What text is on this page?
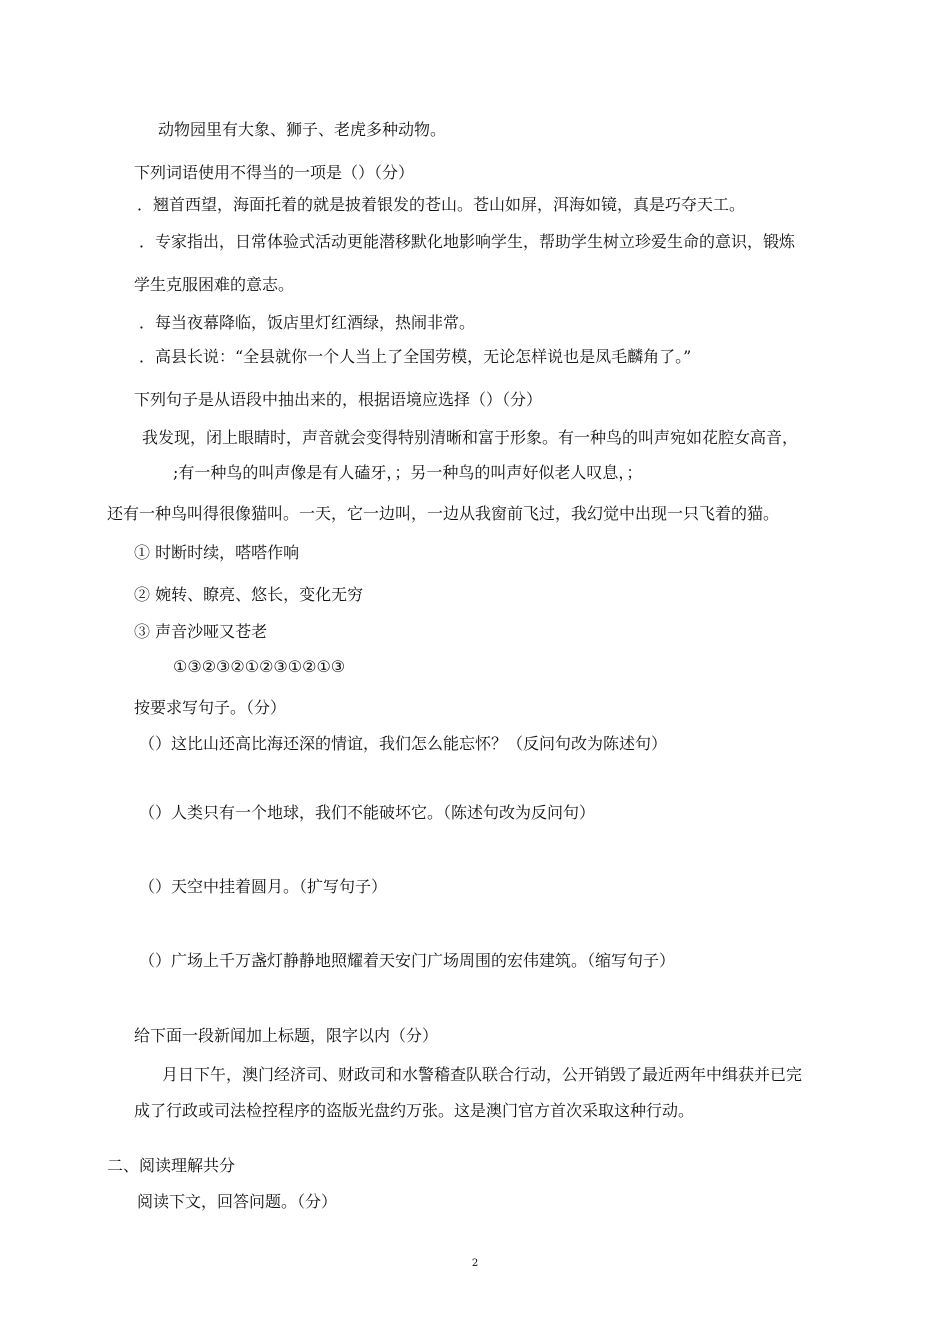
动物园里有大象、狮子、老虎多种动物。
下列词语使用不得当的一项是（）（分）
．翘首西望，海面托着的就是披着银发的苍山。苍山如屏，洱海如镜，真是巧夺天工。
．专家指出，日常体验式活动更能潜移默化地影响学生，帮助学生树立珍爱生命的意识，锻炼
学生克服困难的意志。
．每当夜幕降临，饭店里灯红酒绿，热闹非常。
．高县长说：“全县就你一个人当上了全国劳模，无论怎样说也是凤毛麟角了。”
下列句子是从语段中抽出来的，根据语境应选择（）（分）
我发现，闭上眼睛时，声音就会变得特别清晰和富于形象。有一种鸟的叫声宛如花腔女高音，
;有一种鸟的叫声像是有人磕牙，；另一种鸟的叫声好似老人叹息，；
还有一种鸟叫得很像猫叫。一天，它一边叫，一边从我窗前飞过，我幻觉中出现一只飞着的猫。
① 时断时续，嗒嗒作响
② 婉转、瞭亮、悠长，变化无穷
③ 声音沙哑又苍老
①③②③②①②③①②①③
按要求写句子。（分）
（）这比山还高比海还深的情谊，我们怎么能忘怀？（反问句改为陈述句）
（）人类只有一个地球，我们不能破坏它。（陈述句改为反问句）
（）天空中挂着圆月。（扩写句子）
（）广场上千万盏灯静静地照耀着天安门广场周围的宏伟建筑。（缩写句子）
给下面一段新闻加上标题，限字以内（分）
月日下午，澳门经济司、财政司和水警稽查队联合行动，公开销毁了最近两年中缉获并已完
成了行政或司法检控程序的盗版光盘约万张。这是澳门官方首次采取这种行动。
二、阅读理解共分
阅读下文，回答问题。（分）
2
